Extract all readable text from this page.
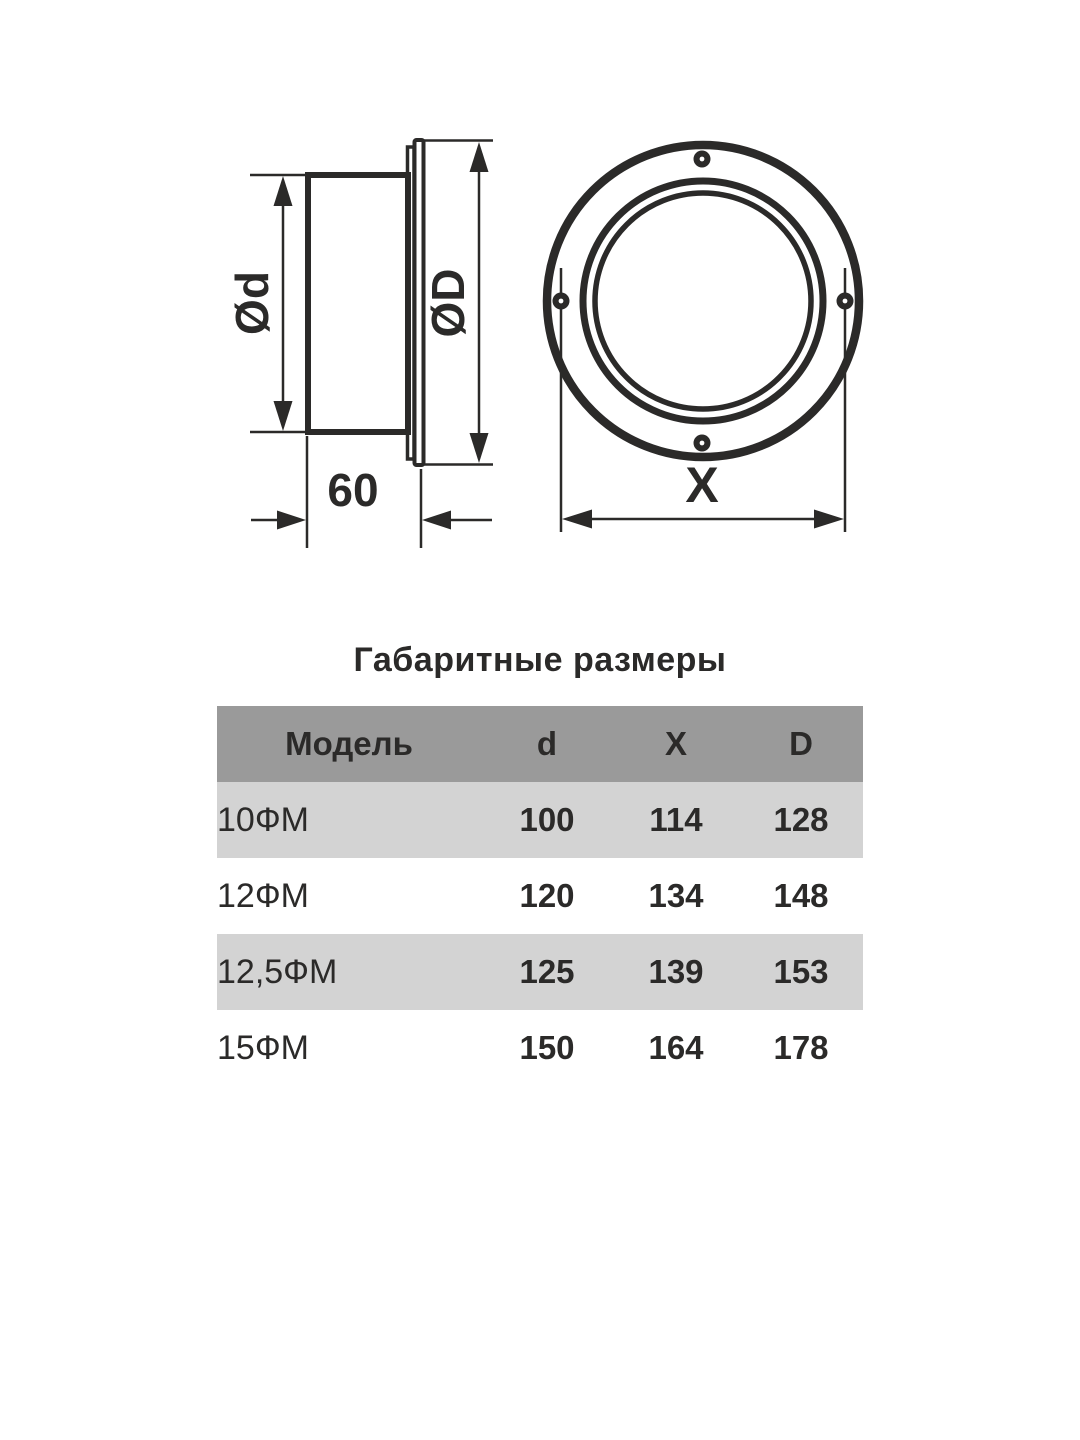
Ød	ØD
60	X
Габаритные размеры
Модель	d	X	D
10ФМ	100	114	128
12ФМ	120	134	148
12,5ФМ	125	139	153
15ФМ	150	164	178
